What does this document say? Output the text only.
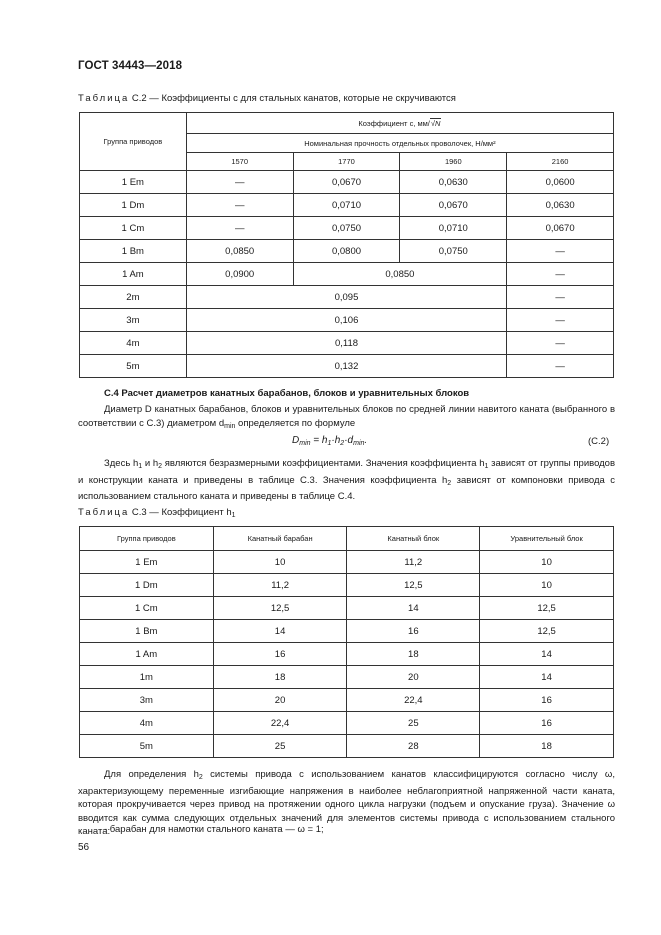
ГОСТ 34443—2018
Таблица С.2 — Коэффициенты c для стальных канатов, которые не скручиваются
Группа приводов	Коэффициент c, мм/√N			
	Номинальная прочность отдельных проволочек, Н/мм²			
	1570	1770	1960	2160
1 Em	—	0,0670	0,0630	0,0600
1 Dm	—	0,0710	0,0670	0,0630
1 Cm	—	0,0750	0,0710	0,0670
1 Bm	0,0850	0,0800	0,0750	—
1 Am	0,0900	0,0850		—
2m	0,095			—
3m	0,106			—
4m	0,118			—
5m	0,132			—
С.4 Расчет диаметров канатных барабанов, блоков и уравнительных блоков
Диаметр D канатных барабанов, блоков и уравнительных блоков по средней линии навитого каната (выбранного в соответствии с С.3) диаметром $d_{min}$ определяется по формуле
$D_{min} = h_1\cdot h_2\cdot d_{min}$.	(С.2)
Здесь $h_1$ и $h_2$ являются безразмерными коэффициентами. Значения коэффициента $h_1$ зависят от группы приводов и конструкции каната и приведены в таблице С.3. Значения коэффициента $h_2$ зависят от компоновки привода с использованием стального каната и приведены в таблице С.4.
Таблица С.3 — Коэффициент $h_1$
Группа приводов	Канатный барабан	Канатный блок	Уравнительный блок
1 Em	10	11,2	10
1 Dm	11,2	12,5	10
1 Cm	12,5	14	12,5
1 Bm	14	16	12,5
1 Am	16	18	14
1m	18	20	14
3m	20	22,4	16
4m	22,4	25	16
5m	25	28	18
Для определения $h_2$ системы привода с использованием канатов классифицируются согласно числу ω, характеризующему переменные изгибающие напряжения в наиболее неблагоприятной напряженной части каната, которая прокручивается через привод на протяжении одного цикла нагрузки (подъем и опускание груза). Значение ω вводится как сумма следующих отдельных значений для элементов системы привода с использованием стального каната:
- барабан для намотки стального каната — ω = 1;
56
